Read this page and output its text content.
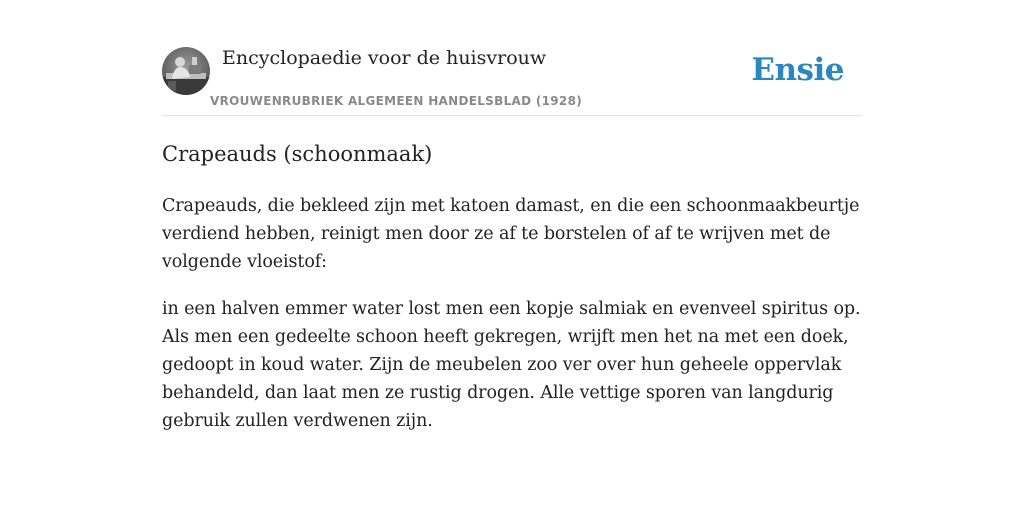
Encyclopaedie voor de huisvrouw
VROUWENRUBRIEK ALGEMEEN HANDELSBLAD (1928)
Ensie
Crapeauds (schoonmaak)

Crapeauds, die bekleed zijn met katoen damast, en die een schoonmaakbeurtje verdiend hebben, reinigt men door ze af te borstelen of af te wrijven met de volgende vloeistof:

in een halven emmer water lost men een kopje salmiak en evenveel spiritus op. Als men een gedeelte schoon heeft gekregen, wrijft men het na met een doek, gedoopt in koud water. Zijn de meubelen zoo ver over hun geheele oppervlak behandeld, dan laat men ze rustig drogen. Alle vettige sporen van langdurig gebruik zullen verdwenen zijn.
